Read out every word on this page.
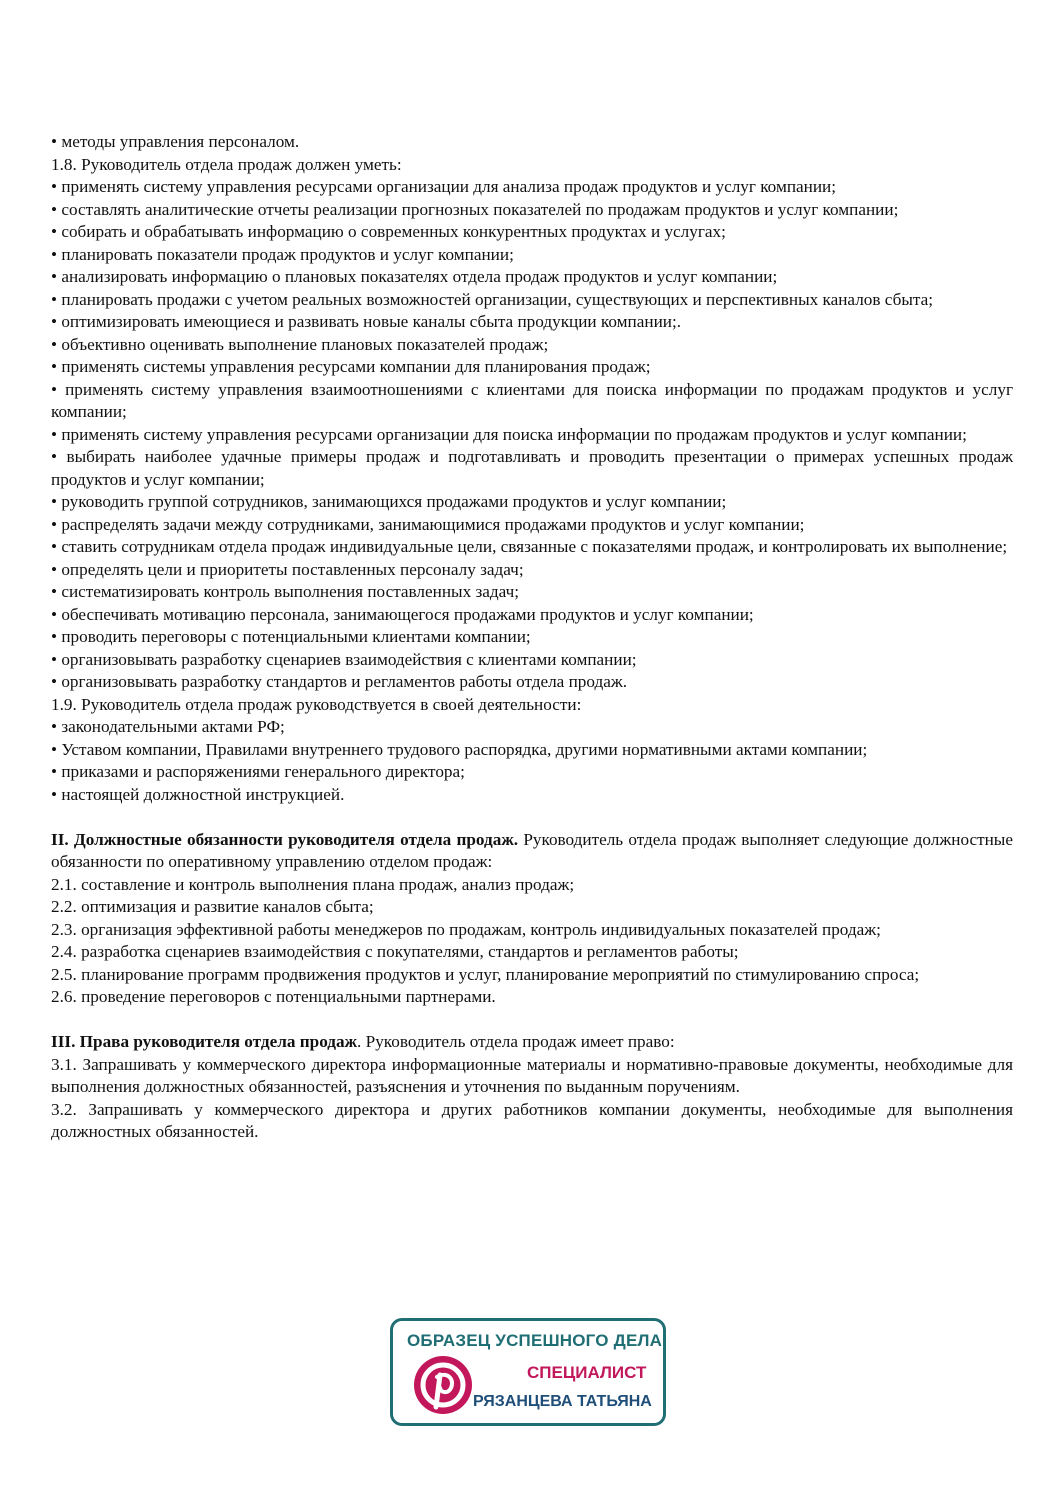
• методы управления персоналом.
1.8. Руководитель отдела продаж должен уметь:
• применять систему управления ресурсами организации для анализа продаж продуктов и услуг компании;
• составлять аналитические отчеты реализации прогнозных показателей по продажам продуктов и услуг компании;
• собирать и обрабатывать информацию о современных конкурентных продуктах и услугах;
• планировать показатели продаж продуктов и услуг компании;
• анализировать информацию о плановых показателях отдела продаж продуктов и услуг компании;
• планировать продажи с учетом реальных возможностей организации, существующих и перспективных каналов сбыта;
• оптимизировать имеющиеся и развивать новые каналы сбыта продукции компании;.
• объективно оценивать выполнение плановых показателей продаж;
• применять системы управления ресурсами компании для планирования продаж;
• применять систему управления взаимоотношениями с клиентами для поиска информации по продажам продуктов и услуг компании;
• применять систему управления ресурсами организации для поиска информации по продажам продуктов и услуг компании;
• выбирать наиболее удачные примеры продаж и подготавливать и проводить презентации о примерах успешных продаж продуктов и услуг компании;
• руководить группой сотрудников, занимающихся продажами продуктов и услуг компании;
• распределять задачи между сотрудниками, занимающимися продажами продуктов и услуг компании;
• ставить сотрудникам отдела продаж индивидуальные цели, связанные с показателями продаж, и контролировать их выполнение;
• определять цели и приоритеты поставленных персоналу задач;
• систематизировать контроль выполнения поставленных задач;
• обеспечивать мотивацию персонала, занимающегося продажами продуктов и услуг компании;
• проводить переговоры с потенциальными клиентами компании;
• организовывать разработку сценариев взаимодействия с клиентами компании;
• организовывать разработку стандартов и регламентов работы отдела продаж.
1.9. Руководитель отдела продаж руководствуется в своей деятельности:
• законодательными актами РФ;
• Уставом компании, Правилами внутреннего трудового распорядка, другими нормативными актами компании;
• приказами и распоряжениями генерального директора;
• настоящей должностной инструкцией.
II. Должностные обязанности руководителя отдела продаж. Руководитель отдела продаж выполняет следующие должностные обязанности по оперативному управлению отделом продаж:
2.1. составление и контроль выполнения плана продаж, анализ продаж;
2.2. оптимизация и развитие каналов сбыта;
2.3. организация эффективной работы менеджеров по продажам, контроль индивидуальных показателей продаж;
2.4. разработка сценариев взаимодействия с покупателями, стандартов и регламентов работы;
2.5. планирование программ продвижения продуктов и услуг, планирование мероприятий по стимулированию спроса;
2.6. проведение переговоров с потенциальными партнерами.
III. Права руководителя отдела продаж. Руководитель отдела продаж имеет право:
3.1. Запрашивать у коммерческого директора информационные материалы и нормативно-правовые документы, необходимые для выполнения должностных обязанностей, разъяснения и уточнения по выданным поручениям.
3.2. Запрашивать у коммерческого директора и других работников компании документы, необходимые для выполнения должностных обязанностей.
ОБРАЗЕЦ УСПЕШНОГО ДЕЛА
СПЕЦИАЛИСТ
РЯЗАНЦЕВА ТАТЬЯНА
